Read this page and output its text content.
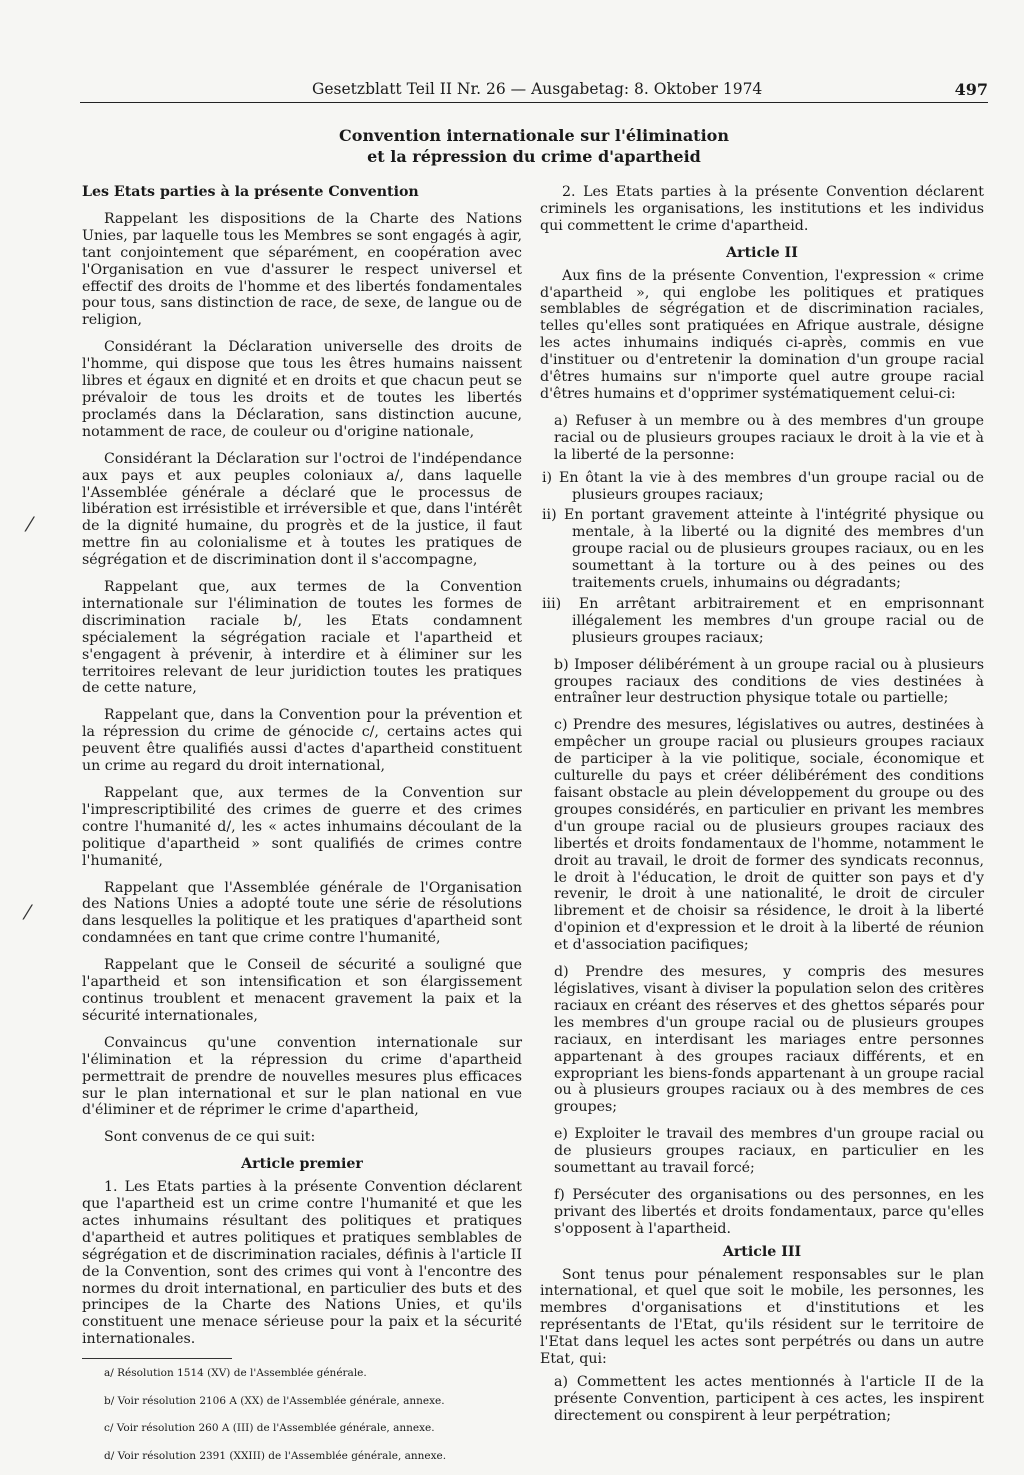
Gesetzblatt Teil II Nr. 26 — Ausgabetag: 8. Oktober 1974	497
Convention internationale sur l'élimination
et la répression du crime d'apartheid
⁄
⁄

Les Etats parties à la présente Convention

Rappelant les dispositions de la Charte des Nations Unies, par laquelle tous les Membres se sont engagés à agir, tant conjointement que séparément, en coopération avec l'Organisation en vue d'assurer le respect universel et effectif des droits de l'homme et des libertés fondamentales pour tous, sans distinction de race, de sexe, de langue ou de religion,

Considérant la Déclaration universelle des droits de l'homme, qui dispose que tous les êtres humains naissent libres et égaux en dignité et en droits et que chacun peut se prévaloir de tous les droits et de toutes les libertés proclamés dans la Déclaration, sans distinction aucune, notamment de race, de couleur ou d'origine nationale,

Considérant la Déclaration sur l'octroi de l'indépendance aux pays et aux peuples coloniaux a/, dans laquelle l'Assemblée générale a déclaré que le processus de libération est irrésistible et irréversible et que, dans l'intérêt de la dignité humaine, du progrès et de la justice, il faut mettre fin au colonialisme et à toutes les pratiques de ségrégation et de discrimination dont il s'accompagne,

Rappelant que, aux termes de la Convention internationale sur l'élimination de toutes les formes de discrimination raciale b/, les Etats condamnent spécialement la ségrégation raciale et l'apartheid et s'engagent à prévenir, à interdire et à éliminer sur les territoires relevant de leur juridiction toutes les pratiques de cette nature,

Rappelant que, dans la Convention pour la prévention et la répression du crime de génocide c/, certains actes qui peuvent être qualifiés aussi d'actes d'apartheid constituent un crime au regard du droit international,

Rappelant que, aux termes de la Convention sur l'imprescriptibilité des crimes de guerre et des crimes contre l'humanité d/, les « actes inhumains découlant de la politique d'apartheid » sont qualifiés de crimes contre l'humanité,

Rappelant que l'Assemblée générale de l'Organisation des Nations Unies a adopté toute une série de résolutions dans lesquelles la politique et les pratiques d'apartheid sont condamnées en tant que crime contre l'humanité,

Rappelant que le Conseil de sécurité a souligné que l'apartheid et son intensification et son élargissement continus troublent et menacent gravement la paix et la sécurité internationales,

Convaincus qu'une convention internationale sur l'élimination et la répression du crime d'apartheid permettrait de prendre de nouvelles mesures plus efficaces sur le plan international et sur le plan national en vue d'éliminer et de réprimer le crime d'apartheid,

Sont convenus de ce qui suit:

Article premier

1. Les Etats parties à la présente Convention déclarent que l'apartheid est un crime contre l'humanité et que les actes inhumains résultant des politiques et pratiques d'apartheid et autres politiques et pratiques semblables de ségrégation et de discrimination raciales, définis à l'article II de la Convention, sont des crimes qui vont à l'encontre des normes du droit international, en particulier des buts et des principes de la Charte des Nations Unies, et qu'ils constituent une menace sérieuse pour la paix et la sécurité internationales.

a/ Résolution 1514 (XV) de l'Assemblée générale.

b/ Voir résolution 2106 A (XX) de l'Assemblée générale, annexe.

c/ Voir résolution 260 A (III) de l'Assemblée générale, annexe.

d/ Voir résolution 2391 (XXIII) de l'Assemblée générale, annexe.

2. Les Etats parties à la présente Convention déclarent criminels les organisations, les institutions et les individus qui commettent le crime d'apartheid.

Article II

Aux fins de la présente Convention, l'expression « crime d'apartheid », qui englobe les politiques et pratiques semblables de ségrégation et de discrimination raciales, telles qu'elles sont pratiquées en Afrique australe, désigne les actes inhumains indiqués ci-après, commis en vue d'instituer ou d'entretenir la domination d'un groupe racial d'êtres humains sur n'importe quel autre groupe racial d'êtres humains et d'opprimer systématiquement celui-ci:

a) Refuser à un membre ou à des membres d'un groupe racial ou de plusieurs groupes raciaux le droit à la vie et à la liberté de la personne:

i) En ôtant la vie à des membres d'un groupe racial ou de plusieurs groupes raciaux;

ii) En portant gravement atteinte à l'intégrité physique ou mentale, à la liberté ou la dignité des membres d'un groupe racial ou de plusieurs groupes raciaux, ou en les soumettant à la torture ou à des peines ou des traitements cruels, inhumains ou dégradants;

iii) En arrêtant arbitrairement et en emprisonnant illégalement les membres d'un groupe racial ou de plusieurs groupes raciaux;

b) Imposer délibérément à un groupe racial ou à plusieurs groupes raciaux des conditions de vies destinées à entraîner leur destruction physique totale ou partielle;

c) Prendre des mesures, législatives ou autres, destinées à empêcher un groupe racial ou plusieurs groupes raciaux de participer à la vie politique, sociale, économique et culturelle du pays et créer délibérément des conditions faisant obstacle au plein développement du groupe ou des groupes considérés, en particulier en privant les membres d'un groupe racial ou de plusieurs groupes raciaux des libertés et droits fondamentaux de l'homme, notamment le droit au travail, le droit de former des syndicats reconnus, le droit à l'éducation, le droit de quitter son pays et d'y revenir, le droit à une nationalité, le droit de circuler librement et de choisir sa résidence, le droit à la liberté d'opinion et d'expression et le droit à la liberté de réunion et d'association pacifiques;

d) Prendre des mesures, y compris des mesures législatives, visant à diviser la population selon des critères raciaux en créant des réserves et des ghettos séparés pour les membres d'un groupe racial ou de plusieurs groupes raciaux, en interdisant les mariages entre personnes appartenant à des groupes raciaux différents, et en expropriant les biens-fonds appartenant à un groupe racial ou à plusieurs groupes raciaux ou à des membres de ces groupes;

e) Exploiter le travail des membres d'un groupe racial ou de plusieurs groupes raciaux, en particulier en les soumettant au travail forcé;

f) Persécuter des organisations ou des personnes, en les privant des libertés et droits fondamentaux, parce qu'elles s'opposent à l'apartheid.

Article III

Sont tenus pour pénalement responsables sur le plan international, et quel que soit le mobile, les personnes, les membres d'organisations et d'institutions et les représentants de l'Etat, qu'ils résident sur le territoire de l'Etat dans lequel les actes sont perpétrés ou dans un autre Etat, qui:

a) Commettent les actes mentionnés à l'article II de la présente Convention, participent à ces actes, les inspirent directement ou conspirent à leur perpétration;
